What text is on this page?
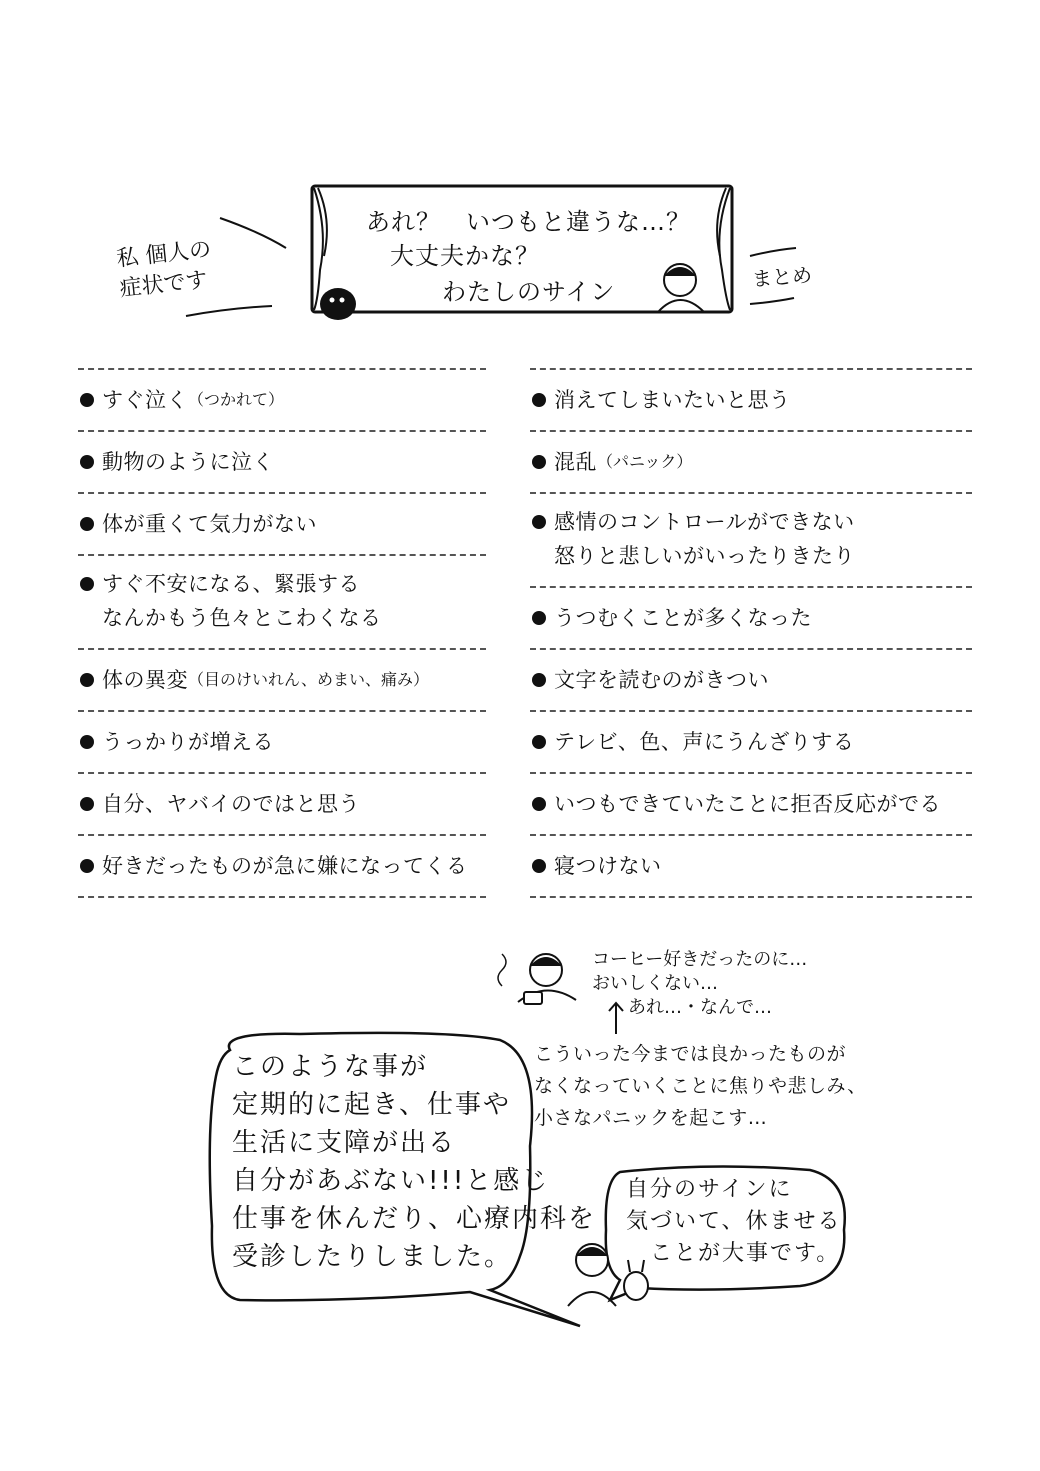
あれ？　いつもと違うな…？
大丈夫かな？
わたしのサイン
私 個人の
症状です	まとめ
すぐ泣く （つかれて）
動物のように泣く
体が重くて気力がない
すぐ不安になる、緊張する
なんかもう色々とこわくなる
体の異変 （目のけいれん、めまい、痛み）
うっかりが増える
自分、ヤバイのではと思う
好きだったものが急に嫌になってくる
消えてしまいたいと思う
混乱 （パニック）
感情のコントロールができない
怒りと悲しいがいったりきたり
うつむくことが多くなった
文字を読むのがきつい
テレビ、色、声にうんざりする
いつもできていたことに拒否反応がでる
寝つけない
コーヒー好きだったのに…
おいしくない…
　　あれ…・なんで…
こういった今までは良かったものが
なくなっていくことに焦りや悲しみ、
小さなパニックを起こす…
このような事が
定期的に起き、仕事や
生活に支障が出る
自分があぶない!!!と感じ
仕事を休んだり、心療内科を
受診したりしました。
自分のサインに
気づいて、休ませる
　ことが大事です。
